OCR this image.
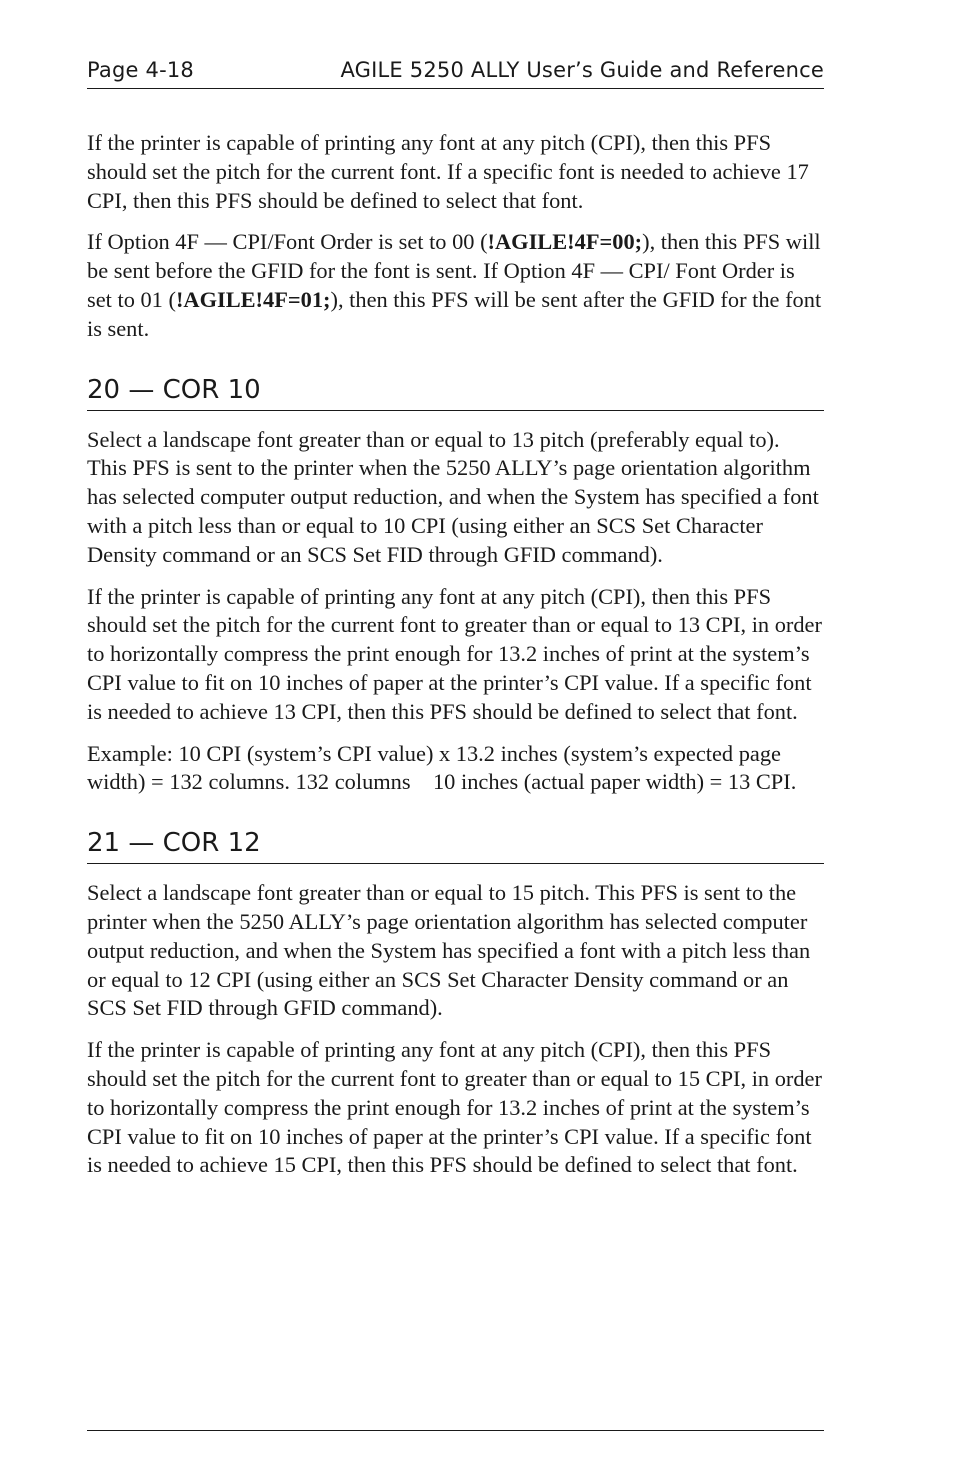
Page 4-18	AGILE 5250 ALLY User’s Guide and Reference

If the printer is capable of printing any font at any pitch (CPI), then this PFS should set the pitch for the current font. If a specific font is needed to achieve 17 CPI, then this PFS should be defined to select that font.

If Option 4F — CPI/Font Order is set to 00 (!AGILE!4F=00;), then this PFS will be sent before the GFID for the font is sent. If Option 4F — CPI/ Font Order is set to 01 (!AGILE!4F=01;), then this PFS will be sent after the GFID for the font is sent.

20 — COR 10

Select a landscape font greater than or equal to 13 pitch (preferably equal to). This PFS is sent to the printer when the 5250 ALLY’s page orientation algorithm has selected computer output reduction, and when the System has specified a font with a pitch less than or equal to 10 CPI (using either an SCS Set Character Density command or an SCS Set FID through GFID command).

If the printer is capable of printing any font at any pitch (CPI), then this PFS should set the pitch for the current font to greater than or equal to 13 CPI, in order to horizontally compress the print enough for 13.2 inches of print at the system’s CPI value to fit on 10 inches of paper at the printer’s CPI value. If a specific font is needed to achieve 13 CPI, then this PFS should be defined to select that font.

Example: 10 CPI (system’s CPI value) x 13.2 inches (system’s expected page width) = 132 columns. 132 columns    10 inches (actual paper width) = 13 CPI.

21 — COR 12

Select a landscape font greater than or equal to 15 pitch. This PFS is sent to the printer when the 5250 ALLY’s page orientation algorithm has selected computer output reduction, and when the System has specified a font with a pitch less than or equal to 12 CPI (using either an SCS Set Character Density command or an SCS Set FID through GFID command).

If the printer is capable of printing any font at any pitch (CPI), then this PFS should set the pitch for the current font to greater than or equal to 15 CPI, in order to horizontally compress the print enough for 13.2 inches of print at the system’s CPI value to fit on 10 inches of paper at the printer’s CPI value. If a specific font is needed to achieve 15 CPI, then this PFS should be defined to select that font.
